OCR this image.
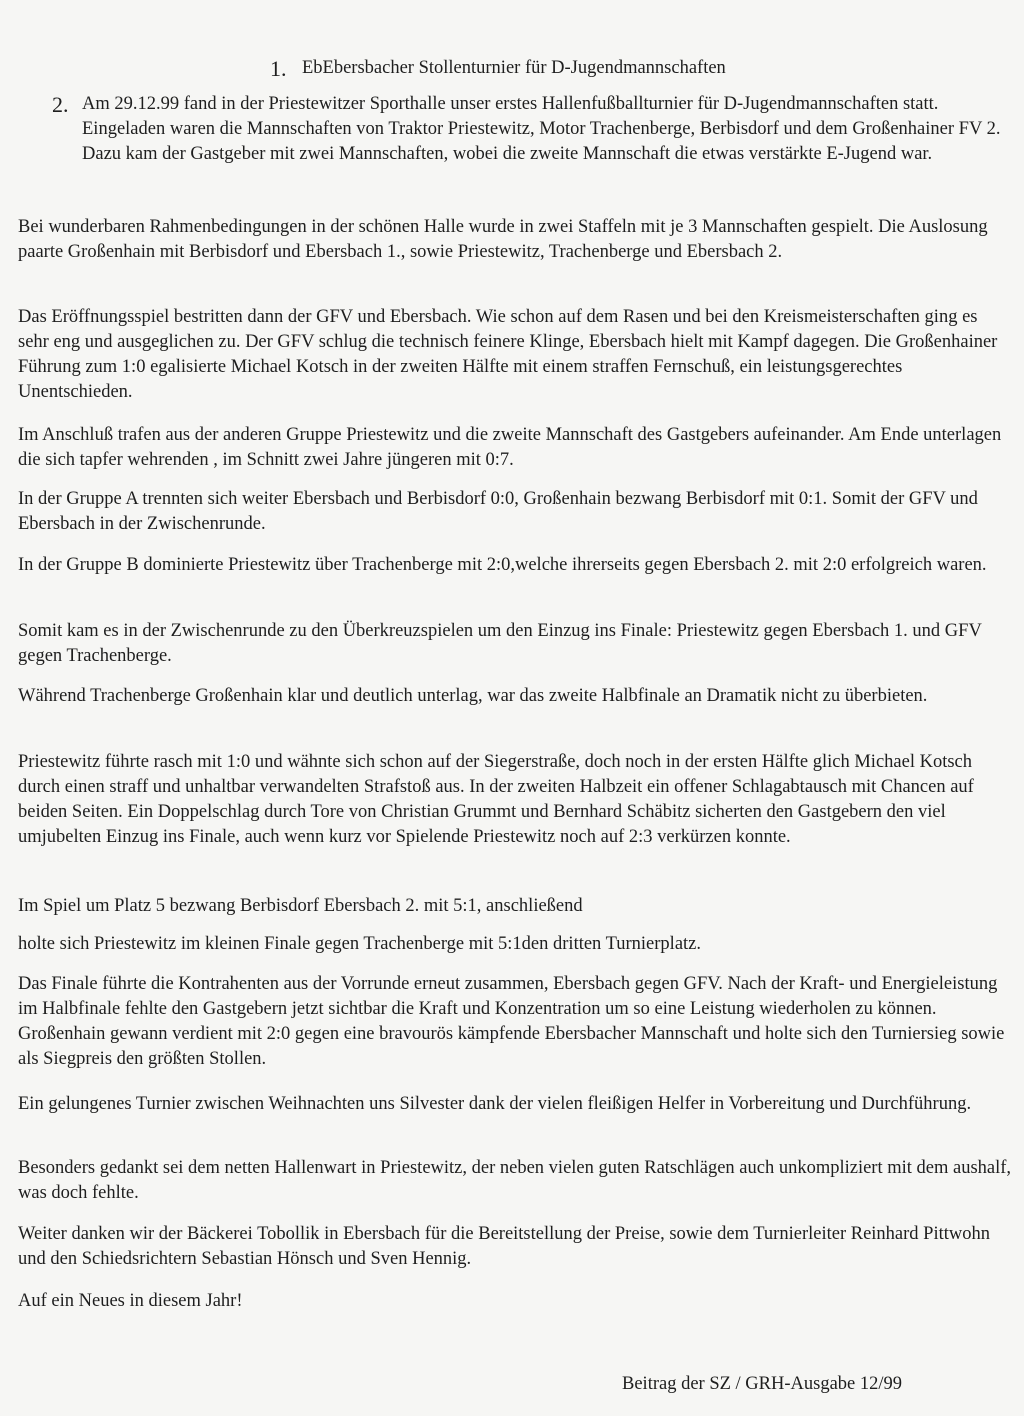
1. EbEbersbacher Stollenturnier für D-Jugendmannschaften
2. Am 29.12.99 fand in der Priestewitzer Sporthalle unser erstes Hallenfußballturnier für D-Jugendmannschaften statt. Eingeladen waren die Mannschaften von Traktor Priestewitz, Motor Trachenberge, Berbisdorf und dem Großenhainer FV 2. Dazu kam der Gastgeber mit zwei Mannschaften, wobei die zweite Mannschaft die etwas verstärkte E-Jugend war.

Bei wunderbaren Rahmenbedingungen in der schönen Halle wurde in zwei Staffeln mit je 3 Mannschaften gespielt. Die Auslosung paarte Großenhain mit Berbisdorf und Ebersbach 1., sowie Priestewitz, Trachenberge und Ebersbach 2.

Das Eröffnungsspiel bestritten dann der GFV und Ebersbach. Wie schon auf dem Rasen und bei den Kreismeisterschaften ging es sehr eng und ausgeglichen zu. Der GFV schlug die technisch feinere Klinge, Ebersbach hielt mit Kampf dagegen. Die Großenhainer Führung zum 1:0 egalisierte Michael Kotsch in der zweiten Hälfte mit einem straffen Fernschuß, ein leistungsgerechtes Unentschieden.

Im Anschluß trafen aus der anderen Gruppe Priestewitz und die zweite Mannschaft des Gastgebers aufeinander. Am Ende unterlagen die sich tapfer wehrenden , im Schnitt zwei Jahre jüngeren mit 0:7.

In der Gruppe A trennten sich weiter Ebersbach und Berbisdorf 0:0, Großenhain bezwang Berbisdorf mit 0:1. Somit der GFV und Ebersbach in der Zwischenrunde.

In der Gruppe B dominierte Priestewitz über Trachenberge mit 2:0,welche ihrerseits gegen Ebersbach 2. mit 2:0 erfolgreich waren.

Somit kam es in der Zwischenrunde zu den Überkreuzspielen um den Einzug ins Finale: Priestewitz gegen Ebersbach 1. und GFV gegen Trachenberge.

Während Trachenberge Großenhain klar und deutlich unterlag, war das zweite Halbfinale an Dramatik nicht zu überbieten.

Priestewitz führte rasch mit 1:0 und wähnte sich schon auf der Siegerstraße, doch noch in der ersten Hälfte glich Michael Kotsch durch einen straff und unhaltbar verwandelten Strafstoß aus. In der zweiten Halbzeit ein offener Schlagabtausch mit Chancen auf beiden Seiten. Ein Doppelschlag durch Tore von Christian Grummt und Bernhard Schäbitz sicherten den Gastgebern den viel umjubelten Einzug ins Finale, auch wenn kurz vor Spielende Priestewitz noch auf 2:3 verkürzen konnte.

Im Spiel um Platz 5 bezwang Berbisdorf Ebersbach 2. mit 5:1, anschließend

holte sich Priestewitz im kleinen Finale gegen Trachenberge mit 5:1den dritten Turnierplatz.

Das Finale führte die Kontrahenten aus der Vorrunde erneut zusammen, Ebersbach gegen GFV. Nach der Kraft- und Energieleistung im Halbfinale fehlte den Gastgebern jetzt sichtbar die Kraft und Konzentration um so eine Leistung wiederholen zu können. Großenhain gewann verdient mit 2:0 gegen eine bravourös kämpfende Ebersbacher Mannschaft und holte sich den Turniersieg sowie als Siegpreis den größten Stollen.

Ein gelungenes Turnier zwischen Weihnachten uns Silvester dank der vielen fleißigen Helfer in Vorbereitung und Durchführung.

Besonders gedankt sei dem netten Hallenwart in Priestewitz, der neben vielen guten Ratschlägen auch unkompliziert mit dem aushalf, was doch fehlte.

Weiter danken wir der Bäckerei Tobollik in Ebersbach für die Bereitstellung der Preise, sowie dem Turnierleiter Reinhard Pittwohn und den Schiedsrichtern Sebastian Hönsch und Sven Hennig.

Auf ein Neues in diesem Jahr!

Beitrag der SZ / GRH-Ausgabe 12/99
